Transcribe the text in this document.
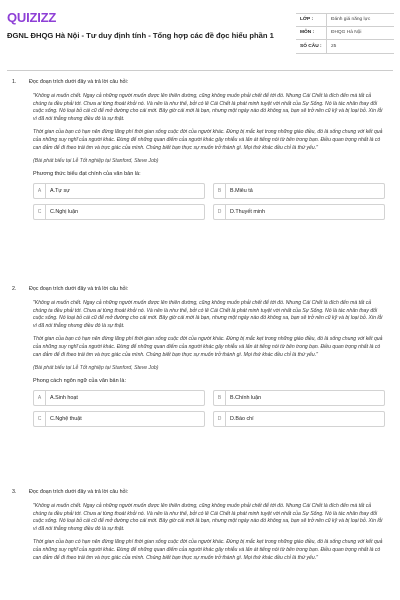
QUIZIZZ
ĐGNL ĐHQG Hà Nội - Tư duy định tính - Tổng hợp các đề đọc hiểu phần 1
LỚP :	Đánh giá năng lực
MÔN :	ĐHQG Hà Nội
SỐ CÂU :	25
1.	Đọc đoạn trích dưới đây và trả lời câu hỏi:

"Không ai muốn chết. Ngay cả những người muốn được lên thiên đường, cũng không muốn phải chết để tới đó. Nhưng Cái Chết là đích đến mà tất cả chúng ta đều phải tới. Chưa ai từng thoát khỏi nó. Và nên là như thế, bởi có lẽ Cái Chết là phát minh tuyệt vời nhất của Sự Sống. Nó là tác nhân thay đổi cuộc sống. Nó loại bỏ cái cũ để mở đường cho cái mới. Bây giờ cái mới là bạn, nhưng một ngày nào đó không xa, bạn sẽ trở nên cũ kỹ và bị loại bỏ. Xin lỗi vì đã nói thẳng nhưng điều đó là sự thật.

Thời gian của bạn có hạn nên đừng lãng phí thời gian sống cuộc đời của người khác. Đừng bị mắc kẹt trong những giáo điều, đó là sống chung với kết quả của những suy nghĩ của người khác. Đừng để những quan điểm của người khác gây nhiễu và lấn át tiếng nói từ bên trong bạn. Điều quan trọng nhất là có can đảm để đi theo trái tim và trực giác của mình. Chúng biết bạn thực sự muốn trở thành gì. Mọi thứ khác đều chỉ là thứ yếu."

(Bài phát biểu tại Lễ Tốt nghiệp tại Stanford, Steve Job)
Phương thức biểu đạt chính của văn bản là:
A	A.Tự sự	B	B.Miêu tả
C	C.Nghị luận	D	D.Thuyết minh
2.	Đọc đoạn trích dưới đây và trả lời câu hỏi:

"Không ai muốn chết. Ngay cả những người muốn được lên thiên đường, cũng không muốn phải chết để tới đó. Nhưng Cái Chết là đích đến mà tất cả chúng ta đều phải tới. Chưa ai từng thoát khỏi nó. Và nên là như thế, bởi có lẽ Cái Chết là phát minh tuyệt vời nhất của Sự Sống. Nó là tác nhân thay đổi cuộc sống. Nó loại bỏ cái cũ để mở đường cho cái mới. Bây giờ cái mới là bạn, nhưng một ngày nào đó không xa, bạn sẽ trở nên cũ kỹ và bị loại bỏ. Xin lỗi vì đã nói thẳng nhưng điều đó là sự thật.

Thời gian của bạn có hạn nên đừng lãng phí thời gian sống cuộc đời của người khác. Đừng bị mắc kẹt trong những giáo điều, đó là sống chung với kết quả của những suy nghĩ của người khác. Đừng để những quan điểm của người khác gây nhiễu và lấn át tiếng nói từ bên trong bạn. Điều quan trọng nhất là có can đảm để đi theo trái tim và trực giác của mình. Chúng biết bạn thực sự muốn trở thành gì. Mọi thứ khác đều chỉ là thứ yếu."

(Bài phát biểu tại Lễ Tốt nghiệp tại Stanford, Steve Job)
Phong cách ngôn ngữ của văn bản là:
A	A.Sinh hoạt	B	B.Chính luận
C	C.Nghệ thuật	D	D.Báo chí
3.	Đọc đoạn trích dưới đây và trả lời câu hỏi:

"Không ai muốn chết. Ngay cả những người muốn được lên thiên đường, cũng không muốn phải chết để tới đó. Nhưng Cái Chết là đích đến mà tất cả chúng ta đều phải tới. Chưa ai từng thoát khỏi nó. Và nên là như thế, bởi có lẽ Cái Chết là phát minh tuyệt vời nhất của Sự Sống. Nó là tác nhân thay đổi cuộc sống. Nó loại bỏ cái cũ để mở đường cho cái mới. Bây giờ cái mới là bạn, nhưng một ngày nào đó không xa, bạn sẽ trở nên cũ kỹ và bị loại bỏ. Xin lỗi vì đã nói thẳng nhưng điều đó là sự thật.

Thời gian của bạn có hạn nên đừng lãng phí thời gian sống cuộc đời của người khác. Đừng bị mắc kẹt trong những giáo điều, đó là sống chung với kết quả của những suy nghĩ của người khác. Đừng để những quan điểm của người khác gây nhiễu và lấn át tiếng nói từ bên trong bạn. Điều quan trọng nhất là có can đảm để đi theo trái tim và trực giác của mình. Chúng biết bạn thực sự muốn trở thành gì. Mọi thứ khác đều chỉ là thứ yếu."
